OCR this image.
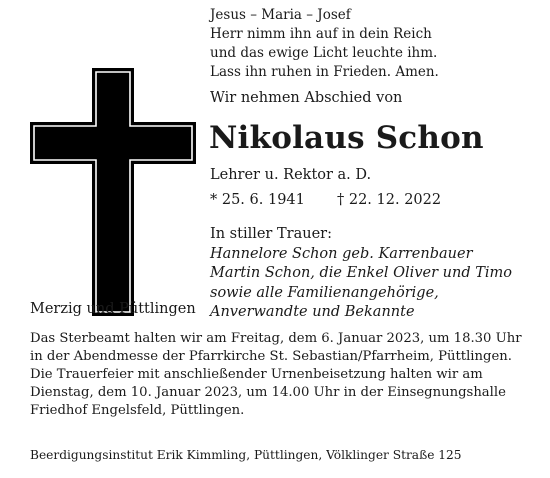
Jesus – Maria – Josef
Herr nimm ihn auf in dein Reich
und das ewige Licht leuchte ihm.
Lass ihn ruhen in Frieden. Amen.
Wir nehmen Abschied von
Nikolaus Schon
Lehrer u. Rektor a. D.
* 25. 6. 1941 † 22. 12. 2022
In stiller Trauer:
Hannelore Schon geb. Karrenbauer
Martin Schon, die Enkel Oliver und Timo
sowie alle Familienangehörige,
Anverwandte und Bekannte
Merzig und Püttlingen
Das Sterbeamt halten wir am Freitag, dem 6. Januar 2023, um 18.30 Uhr
in der Abendmesse der Pfarrkirche St. Sebastian/Pfarrheim, Püttlingen.
Die Trauerfeier mit anschließender Urnenbeisetzung halten wir am
Dienstag, dem 10. Januar 2023, um 14.00 Uhr in der Einsegnungshalle
Friedhof Engelsfeld, Püttlingen.
Beerdigungsinstitut Erik Kimmling, Püttlingen, Völklinger Straße 125
